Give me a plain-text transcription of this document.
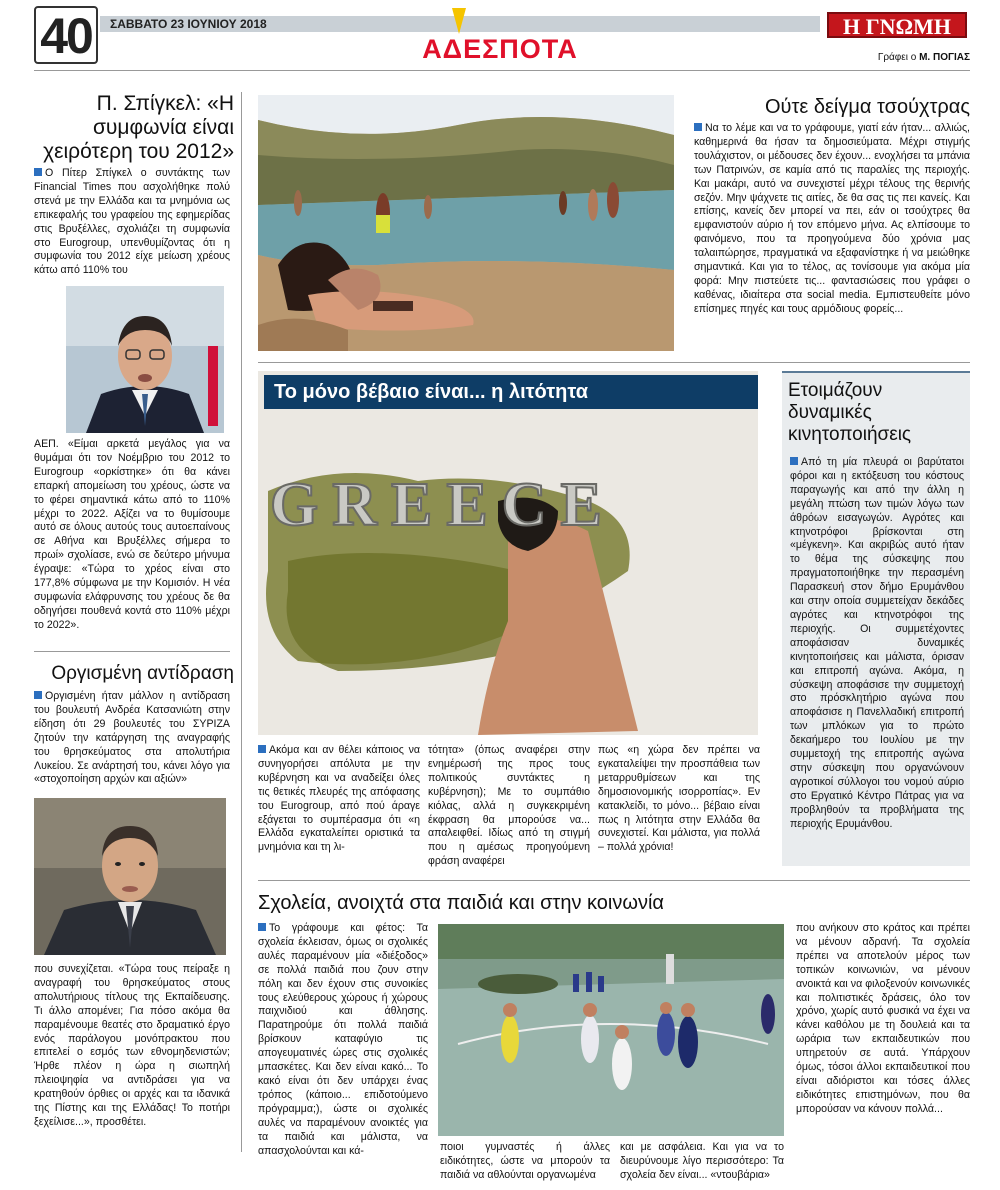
40	ΣΑΒΒΑΤΟ 23 ΙΟΥΝΙΟΥ 2018
ΑΔΕΣΠΟΤΑ
Η ΓΝΩΜΗ
Γράφει ο Μ. ΠΟΓΙΑΣ
Π. Σπίγκελ: «Η συμφωνία είναι χειρότερη του 2012»
Ο Πίτερ Σπίγκελ ο συντάκτης των Financial Times που ασχολήθηκε πολύ στενά με την Ελλάδα και τα μνημόνια ως επικεφαλής του γραφείου της εφημερίδας στις Βρυξέλλες, σχολιάζει τη συμφωνία στο Eurogroup, υπενθυμίζοντας ότι η συμφωνία του 2012 είχε μείωση χρέους κάτω από 110% του
ΑΕΠ. «Είμαι αρκετά μεγάλος για να θυμάμαι ότι τον Νοέμβριο του 2012 το Eurogroup «ορκίστηκε» ότι θα κάνει επαρκή απομείωση του χρέους, ώστε να το φέρει σημαντικά κάτω από το 110% μέχρι το 2022. Αξίζει να το θυμίσουμε αυτό σε όλους αυτούς τους αυτοεπαίνους σε Αθήνα και Βρυξέλλες σήμερα το πρωί» σχολίασε, ενώ σε δεύτερο μήνυμα έγραψε: «Τώρα το χρέος είναι στο 177,8% σύμφωνα με την Κομισιόν. Η νέα συμφωνία ελάφρυνσης του χρέους δε θα οδηγήσει πουθενά κοντά στο 110% μέχρι το 2022».
Οργισμένη αντίδραση
Οργισμένη ήταν μάλλον η αντίδραση του βουλευτή Ανδρέα Κατσανιώτη στην είδηση ότι 29 βουλευτές του ΣΥΡΙΖΑ ζητούν την κατάργηση της αναγραφής του θρησκεύματος στα απολυτήρια Λυκείου. Σε ανάρτησή του, κάνει λόγο για «στοχοποίηση αρχών και αξιών»
που συνεχίζεται. «Τώρα τους πείραξε η αναγραφή του θρησκεύματος στους απολυτήριους τίτλους της Εκπαίδευσης. Τι άλλο απομένει; Για πόσο ακόμα θα παραμένουμε θεατές στο δραματικό έργο ενός παράλογου μονόπρακτου που επιτελεί ο εσμός των εθνομηδενιστών; Ήρθε πλέον η ώρα η σιωπηλή πλειοψηφία να αντιδράσει για να κρατηθούν όρθιες οι αρχές και τα ιδανικά της Πίστης και της Ελλάδας! Το ποτήρι ξεχείλισε...», προσθέτει.
Ούτε δείγμα τσούχτρας
Να το λέμε και να το γράφουμε, γιατί εάν ήταν... αλλιώς, καθημερινά θα ήσαν τα δημοσιεύματα. Μέχρι στιγμής τουλάχιστον, οι μέδουσες δεν έχουν... ενοχλήσει τα μπάνια των Πατρινών, σε καμία από τις παραλίες της περιοχής. Και μακάρι, αυτό να συνεχιστεί μέχρι τέλους της θερινής σεζόν. Μην ψάχνετε τις αιτίες, δε θα σας τις πει κανείς. Και επίσης, κανείς δεν μπορεί να πει, εάν οι τσούχτρες θα εμφανιστούν αύριο ή τον επόμενο μήνα. Ας ελπίσουμε το φαινόμενο, που τα προηγούμενα δύο χρόνια μας ταλαιπώρησε, πραγματικά να εξαφανίστηκε ή να μειώθηκε σημαντικά. Και για το τέλος, ας τονίσουμε για ακόμα μία φορά: Μην πιστεύετε τις... φαντασιώσεις που γράφει ο καθένας, ιδιαίτερα στα social media. Εμπιστευθείτε μόνο επίσημες πηγές και τους αρμόδιους φορείς...
GREECE
Το μόνο βέβαιο είναι... η λιτότητα
Ακόμα και αν θέλει κάποιος να συνηγορήσει απόλυτα με την κυβέρνηση και να αναδείξει όλες τις θετικές πλευρές της απόφασης του Eurogroup, από πού άραγε εξάγεται το συμπέρασμα ότι «η Ελλάδα εγκαταλείπει οριστικά τα μνημόνια και τη λι-
τότητα» (όπως αναφέρει στην ενημέρωσή της προς τους πολιτικούς συντάκτες η κυβέρνηση); Με το συμπάθιο κιόλας, αλλά η συγκεκριμένη έκφραση θα μπορούσε να... απαλειφθεί. Ιδίως από τη στιγμή που η αμέσως προηγούμενη φράση αναφέρει
πως «η χώρα δεν πρέπει να εγκαταλείψει την προσπάθεια των μεταρρυθμίσεων και της δημοσιονομικής ισορροπίας». Εν κατακλείδι, το μόνο... βέβαιο είναι πως η λιτότητα στην Ελλάδα θα συνεχιστεί. Και μάλιστα, για πολλά – πολλά χρόνια!
Ετοιμάζουν δυναμικές κινητοποιήσεις
Από τη μία πλευρά οι βαρύτατοι φόροι και η εκτόξευση του κόστους παραγωγής και από την άλλη η μεγάλη πτώση των τιμών λόγω των άθρόων εισαγωγών. Αγρότες και κτηνοτρόφοι βρίσκονται στη «μέγκενη». Και ακριβώς αυτό ήταν το θέμα της σύσκεψης που πραγματοποιήθηκε την περασμένη Παρασκευή στον δήμο Ερυμάνθου και στην οποία συμμετείχαν δεκάδες αγρότες και κτηνοτρόφοι της περιοχής. Οι συμμετέχοντες αποφάσισαν δυναμικές κινητοποιήσεις και μάλιστα, όρισαν και επιτροπή αγώνα. Ακόμα, η σύσκεψη αποφάσισε την συμμετοχή στο πρόσκλητήριο αγώνα που αποφάσισε η Πανελλαδική επιτροπή των μπλόκων για το πρώτο δεκαήμερο του Ιουλίου με την συμμετοχή της επιτροπής αγώνα στην σύσκεψη που οργανώνουν αγροτικοί σύλλογοι του νομού αύριο στο Εργατικό Κέντρο Πάτρας για να προβληθούν τα προβλήματα της περιοχής Ερυμάνθου.
Σχολεία, ανοιχτά στα παιδιά και στην κοινωνία
Το γράφουμε και φέτος: Τα σχολεία έκλεισαν, όμως οι σχολικές αυλές παραμένουν μία «διέξοδος» σε πολλά παιδιά που ζουν στην πόλη και δεν έχουν στις συνοικίες τους ελεύθερους χώρους ή χώρους παιχνιδιού και άθλησης. Παρατηρούμε ότι πολλά παιδιά βρίσκουν καταφύγιο τις απογευματινές ώρες στις σχολικές μπασκέτες. Και δεν είναι κακό... Το κακό είναι ότι δεν υπάρχει ένας τρόπος (κάποιο... επιδοτούμενο πρόγραμμα;), ώστε οι σχολικές αυλές να παραμένουν ανοικτές για τα παιδιά και μάλιστα, να απασχολούνται και κά-	ποιοι γυμναστές ή άλλες ειδικότητες, ώστε να μπορούν τα παιδιά να αθλούνται οργανωμένα
και με ασφάλεια. Και για να το διευρύνουμε λίγο περισσότερο: Τα σχολεία δεν είναι... «ντουβάρια»
που ανήκουν στο κράτος και πρέπει να μένουν αδρανή. Τα σχολεία πρέπει να αποτελούν μέρος των τοπικών κοινωνιών, να μένουν ανοικτά και να φιλοξενούν κοινωνικές και πολιτιστικές δράσεις, όλο τον χρόνο, χωρίς αυτό φυσικά να έχει να κάνει καθόλου με τη δουλειά και τα ωράρια των εκπαιδευτικών που υπηρετούν σε αυτά. Υπάρχουν όμως, τόσοι άλλοι εκπαιδευτικοί που είναι αδιόριστοι και τόσες άλλες ειδικότητες επιστημόνων, που θα μπορούσαν να κάνουν πολλά...
